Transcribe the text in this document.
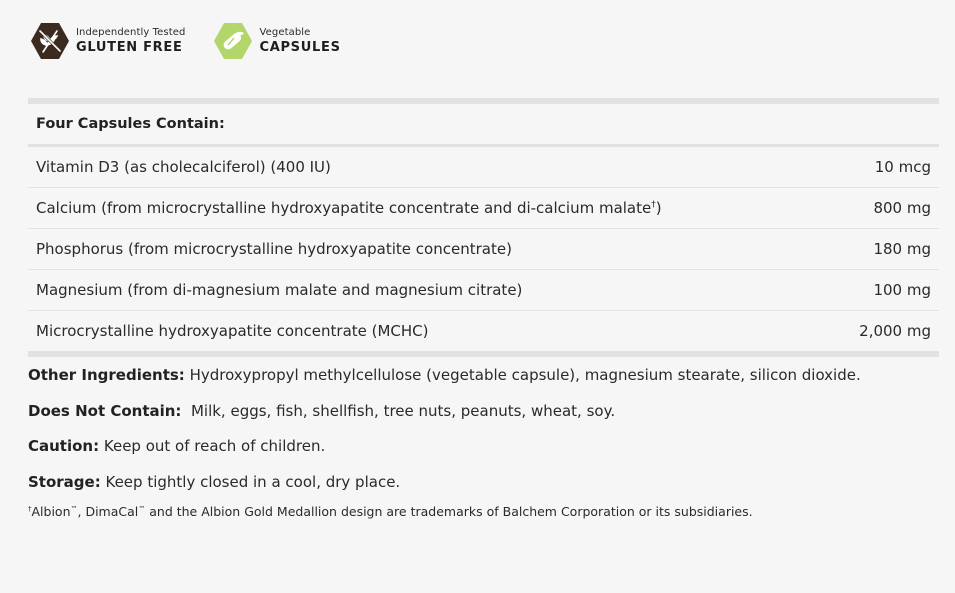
Independently Tested
GLUTEN FREE
Vegetable
CAPSULES
Four Capsules Contain:
Vitamin D3 (as cholecalciferol) (400 IU)	10 mcg
Calcium (from microcrystalline hydroxyapatite concentrate and di-calcium malate†)	800 mg
Phosphorus (from microcrystalline hydroxyapatite concentrate)	180 mg
Magnesium (from di-magnesium malate and magnesium citrate)	100 mg
Microcrystalline hydroxyapatite concentrate (MCHC)	2,000 mg
Other Ingredients: Hydroxypropyl methylcellulose (vegetable capsule), magnesium stearate, silicon dioxide.
Does Not Contain:  Milk, eggs, fish, shellfish, tree nuts, peanuts, wheat, soy.
Caution: Keep out of reach of children.
Storage: Keep tightly closed in a cool, dry place.
†Albion™, DimaCal™ and the Albion Gold Medallion design are trademarks of Balchem Corporation or its subsidiaries.
